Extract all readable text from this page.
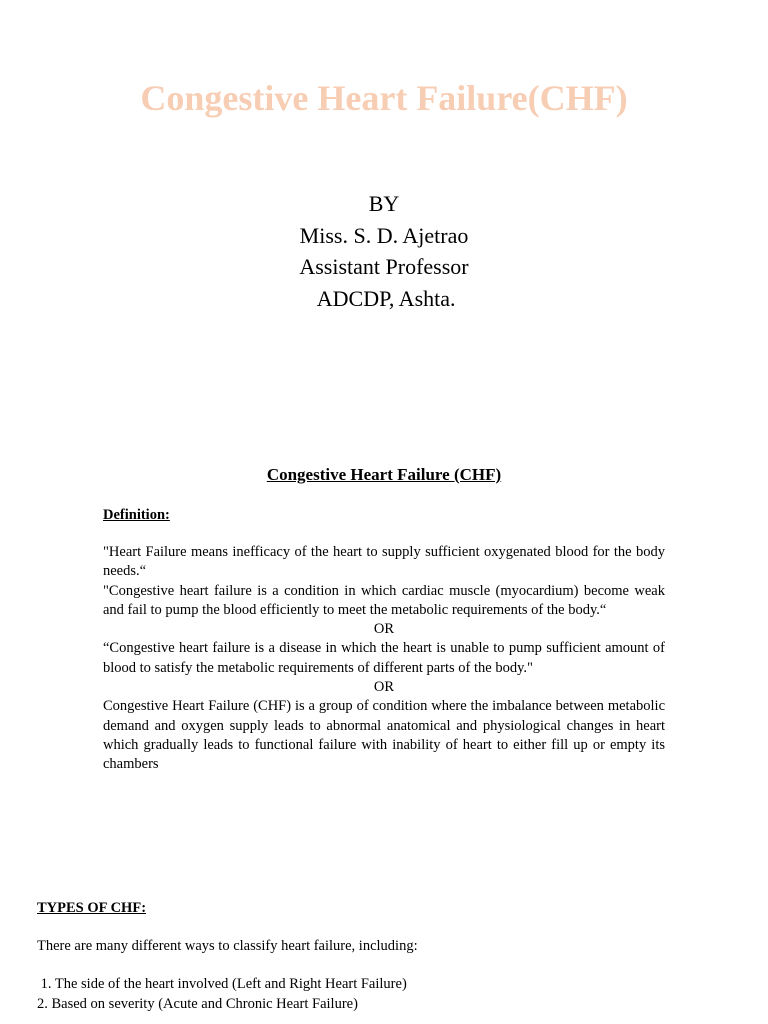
Congestive Heart Failure(CHF)
BY
Miss. S. D. Ajetrao
Assistant Professor
ADCDP, Ashta.
Congestive Heart Failure (CHF)
Definition:

"Heart Failure means inefficacy of the heart to supply sufficient oxygenated blood for the body needs.“

"Congestive heart failure is a condition in which cardiac muscle (myocardium) become weak and fail to pump the blood efficiently to meet the metabolic requirements of the body.“

OR

“Congestive heart failure is a disease in which the heart is unable to pump sufficient amount of blood to satisfy the metabolic requirements of different parts of the body."

OR

Congestive Heart Failure (CHF) is a group of condition where the imbalance between metabolic demand and oxygen supply leads to abnormal anatomical and physiological changes in heart which gradually leads to functional failure with inability of heart to either fill up or empty its chambers

TYPES OF CHF:
There are many different ways to classify heart failure, including:
1. The side of the heart involved (Left and Right Heart Failure)
2. Based on severity (Acute and Chronic Heart Failure)
